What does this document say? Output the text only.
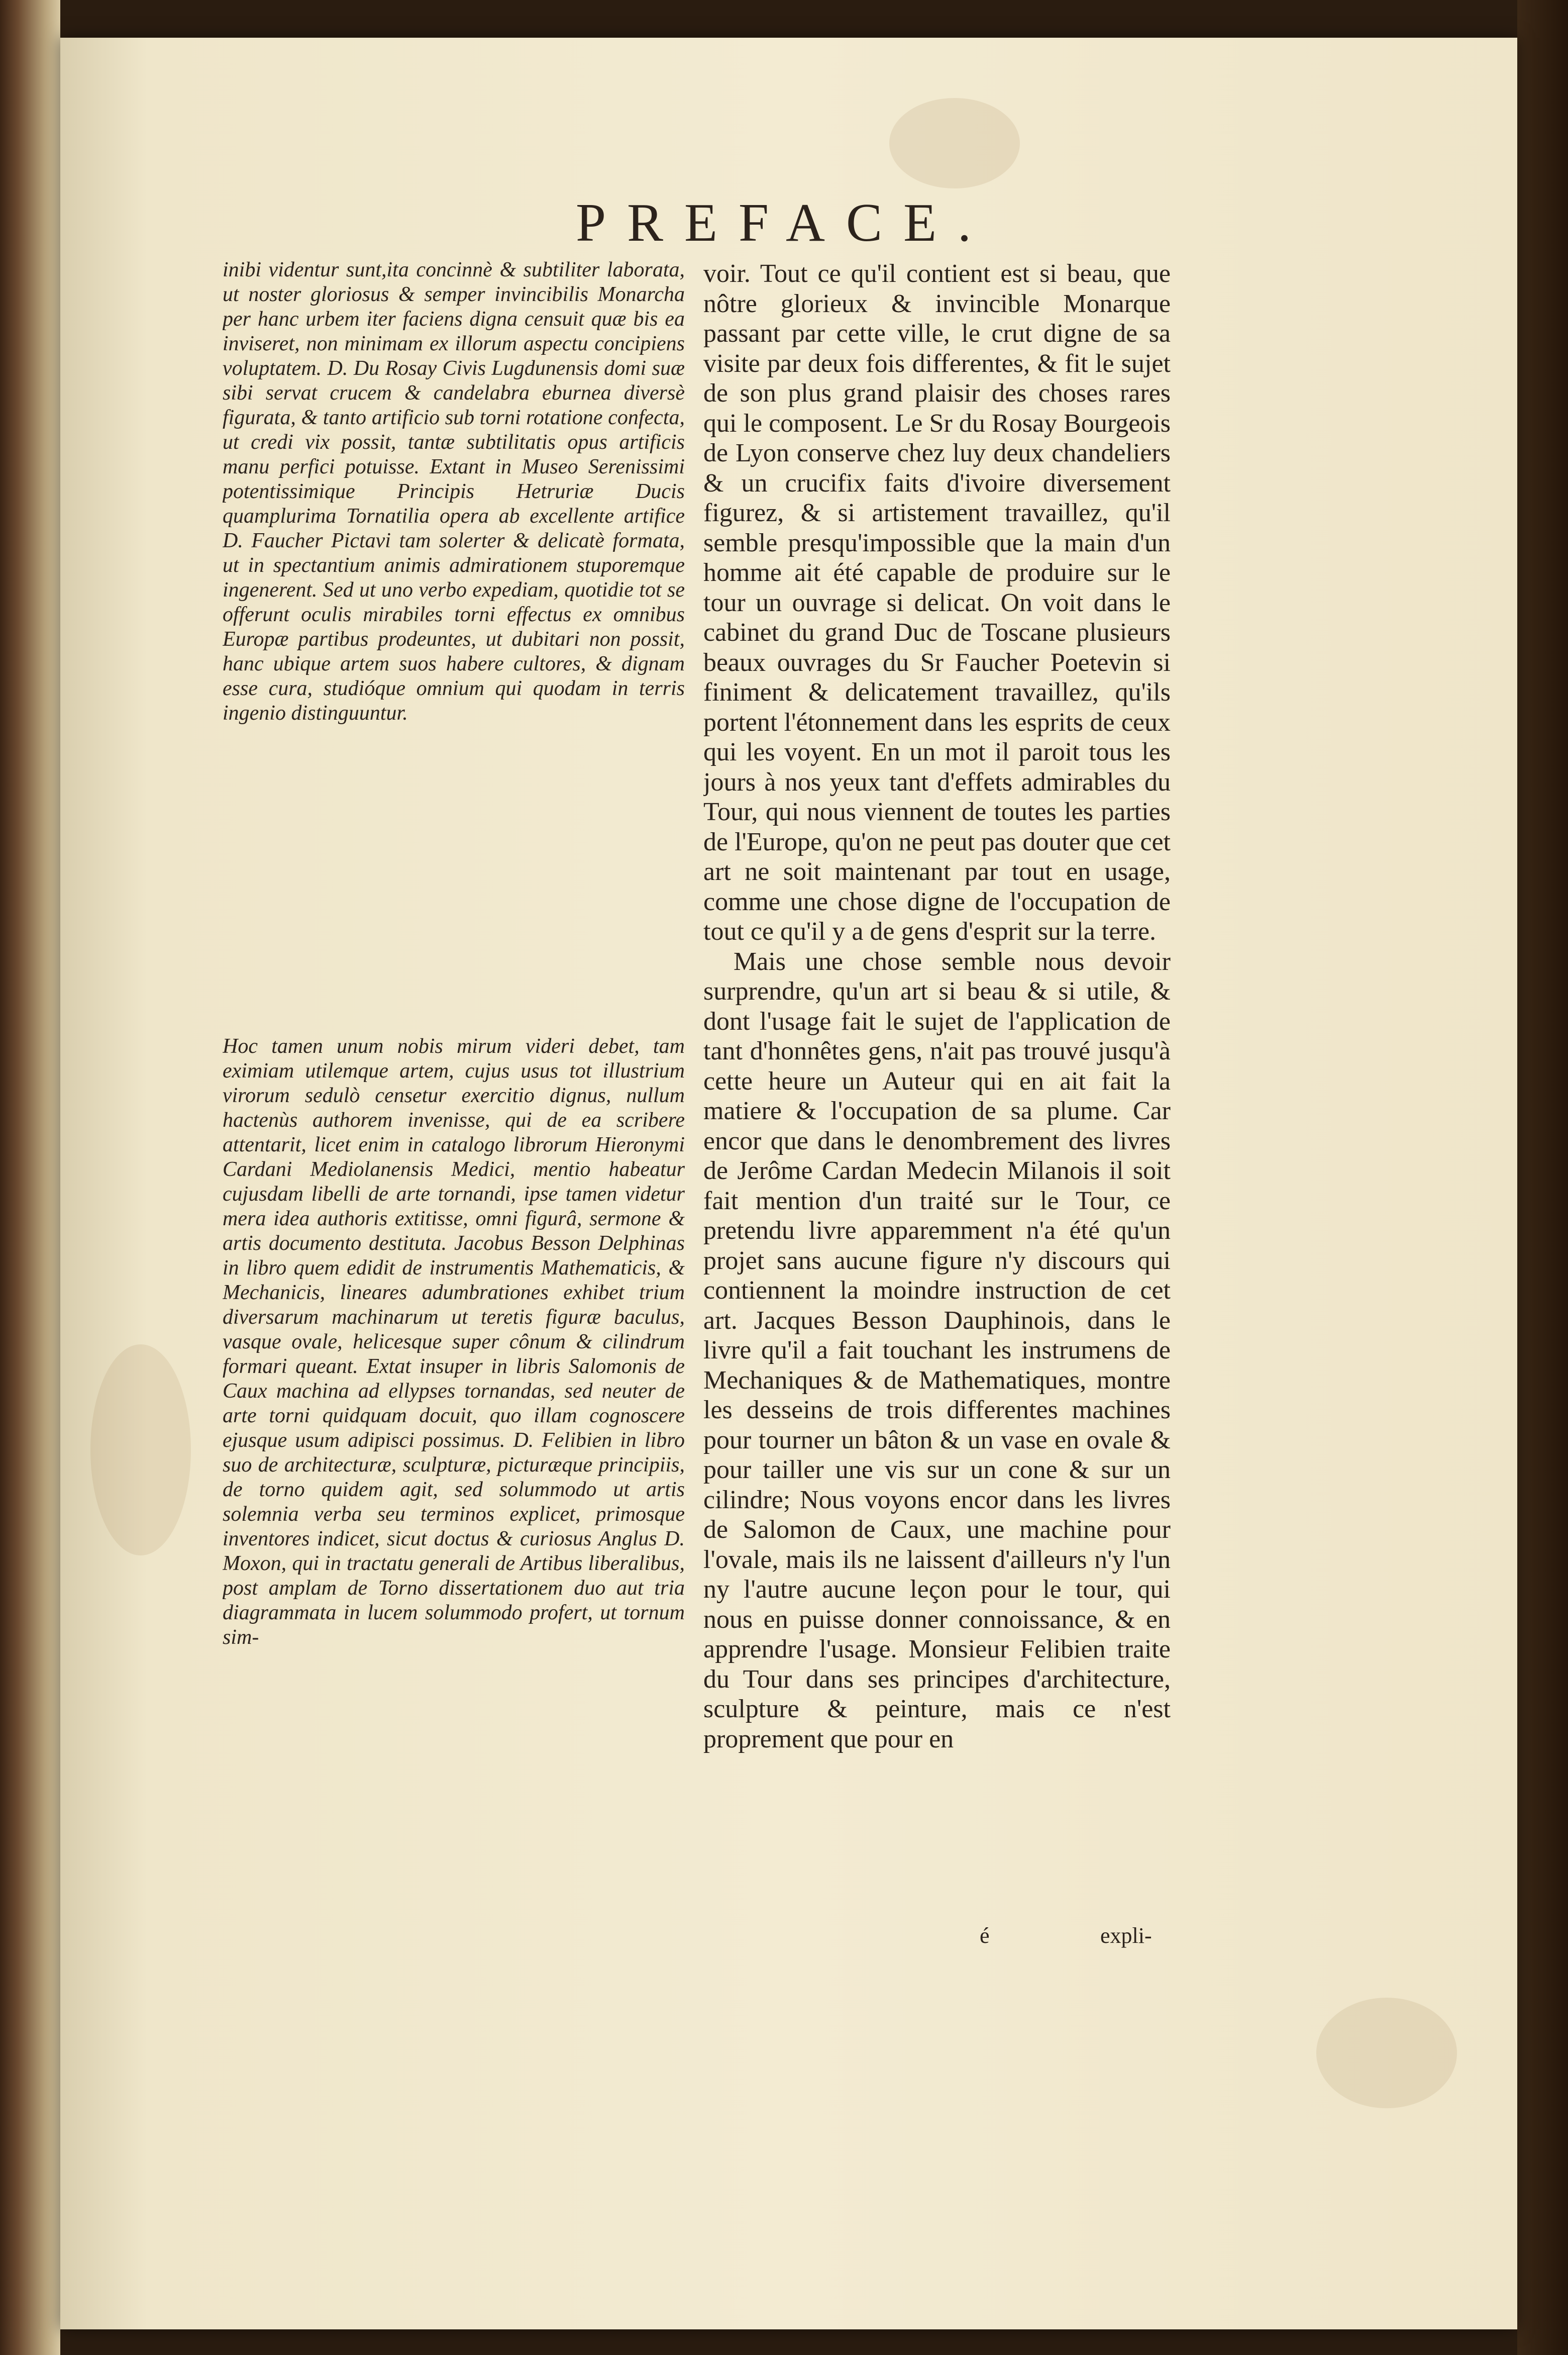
PREFACE.

inibi videntur sunt,ita concinnè & subtiliter laborata, ut noster gloriosus & semper invincibilis Monarcha per hanc urbem iter faciens digna censuit quæ bis ea inviseret, non minimam ex illorum aspectu concipiens voluptatem. D. Du Rosay Civis Lugdunensis domi suæ sibi servat crucem & candelabra eburnea diversè figurata, & tanto artificio sub torni rotatione confecta, ut credi vix possit, tantæ subtilitatis opus artificis manu perfici potuisse. Extant in Museo Serenissimi potentissimique Principis Hetruriæ Ducis quamplurima Tornatilia opera ab excellente artifice D. Faucher Pictavi tam solerter & delicatè formata, ut in spectantium animis admirationem stuporemque ingenerent. Sed ut uno verbo expediam, quotidie tot se offerunt oculis mirabiles torni effectus ex omnibus Europæ partibus prodeuntes, ut dubitari non possit, hanc ubique artem suos habere cultores, & dignam esse cura, studióque omnium qui quodam in terris ingenio distinguuntur.

Hoc tamen unum nobis mirum videri debet, tam eximiam utilemque artem, cujus usus tot illustrium virorum sedulò censetur exercitio dignus, nullum hactenùs authorem invenisse, qui de ea scribere attentarit, licet enim in catalogo librorum Hieronymi Cardani Mediolanensis Medici, mentio habeatur cujusdam libelli de arte tornandi, ipse tamen videtur mera idea authoris extitisse, omni figurâ, sermone & artis documento destituta. Jacobus Besson Delphinas in libro quem edidit de instrumentis Mathematicis, & Mechanicis, lineares adumbrationes exhibet trium diversarum machinarum ut teretis figuræ baculus, vasque ovale, helicesque super cônum & cilindrum formari queant. Extat insuper in libris Salomonis de Caux machina ad ellypses tornandas, sed neuter de arte torni quidquam docuit, quo illam cognoscere ejusque usum adipisci possimus. D. Felibien in libro suo de architecturæ, sculpturæ, picturæque principiis, de torno quidem agit, sed solummodo ut artis solemnia verba seu terminos explicet, primosque inventores indicet, sicut doctus & curiosus Anglus D. Moxon, qui in tractatu generali de Artibus liberalibus, post amplam de Torno dissertationem duo aut tria diagrammata in lucem solummodo profert, ut tornum sim-

voir. Tout ce qu'il contient est si beau, que nôtre glorieux & invincible Monarque passant par cette ville, le crut digne de sa visite par deux fois differentes, & fit le sujet de son plus grand plaisir des choses rares qui le composent. Le Sr du Rosay Bourgeois de Lyon conserve chez luy deux chandeliers & un crucifix faits d'ivoire diversement figurez, & si artistement travaillez, qu'il semble presqu'impossible que la main d'un homme ait été capable de produire sur le tour un ouvrage si delicat. On voit dans le cabinet du grand Duc de Toscane plusieurs beaux ouvrages du Sr Faucher Poetevin si finiment & delicatement travaillez, qu'ils portent l'étonnement dans les esprits de ceux qui les voyent. En un mot il paroit tous les jours à nos yeux tant d'effets admirables du Tour, qui nous viennent de toutes les parties de l'Europe, qu'on ne peut pas douter que cet art ne soit maintenant par tout en usage, comme une chose digne de l'occupation de tout ce qu'il y a de gens d'esprit sur la terre.

Mais une chose semble nous devoir surprendre, qu'un art si beau & si utile, & dont l'usage fait le sujet de l'application de tant d'honnêtes gens, n'ait pas trouvé jusqu'à cette heure un Auteur qui en ait fait la matiere & l'occupation de sa plume. Car encor que dans le denombrement des livres de Jerôme Cardan Medecin Milanois il soit fait mention d'un traité sur le Tour, ce pretendu livre apparemment n'a été qu'un projet sans aucune figure n'y discours qui contiennent la moindre instruction de cet art. Jacques Besson Dauphinois, dans le livre qu'il a fait touchant les instrumens de Mechaniques & de Mathematiques, montre les desseins de trois differentes machines pour tourner un bâton & un vase en ovale & pour tailler une vis sur un cone & sur un cilindre; Nous voyons encor dans les livres de Salomon de Caux, une machine pour l'ovale, mais ils ne laissent d'ailleurs n'y l'un ny l'autre aucune leçon pour le tour, qui nous en puisse donner connoissance, & en apprendre l'usage. Monsieur Felibien traite du Tour dans ses principes d'architecture, sculpture & peinture, mais ce n'est proprement que pour en

é	expli-
